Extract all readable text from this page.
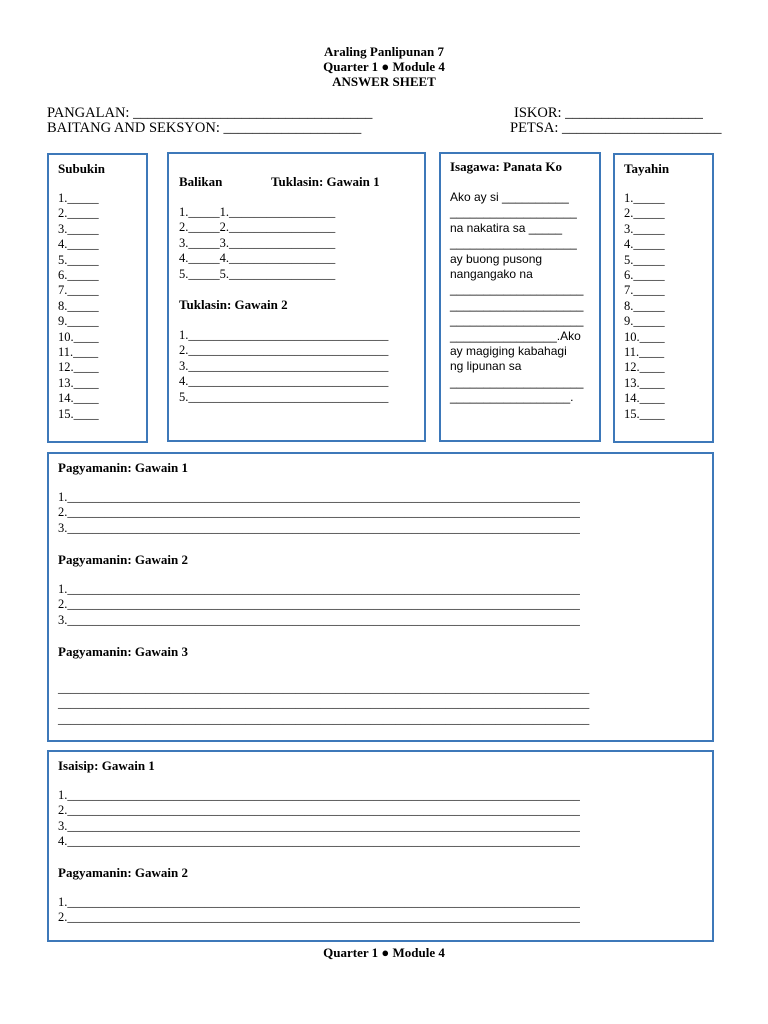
Araling Panlipunan 7
Quarter 1 ● Module 4
ANSWER SHEET
PANGALAN: _________________________________
BAITANG AND SEKSYON: ___________________
ISKOR: ___________________
PETSA: ______________________
Subukin
1._____
2._____
3._____
4._____
5._____
6._____
7._____
8._____
9._____
10.____
11.____
12.____
13.____
14.____
15.____
Balikan	Tuklasin: Gawain 1
1._____1._________________
2._____2._________________
3._____3._________________
4._____4._________________
5._____5._________________
Tuklasin: Gawain 2
1.________________________________
2.________________________________
3.________________________________
4.________________________________
5.________________________________
Isagawa: Panata Ko
Ako ay si __________
___________________
na nakatira sa _____
___________________
ay buong pusong
nangangako na
____________________
____________________
____________________
________________.Ako
ay magiging kabahagi
ng lipunan sa
____________________
__________________.
Tayahin
1._____
2._____
3._____
4._____
5._____
6._____
7._____
8._____
9._____
10.____
11.____
12.____
13.____
14.____
15.____
Pagyamanin: Gawain 1
1.__________________________________________________________________________________
2.__________________________________________________________________________________
3.__________________________________________________________________________________
Pagyamanin: Gawain 2
1.__________________________________________________________________________________
2.__________________________________________________________________________________
3.__________________________________________________________________________________
Pagyamanin: Gawain 3
_____________________________________________________________________________________
_____________________________________________________________________________________
_____________________________________________________________________________________
Isaisip: Gawain 1
1.__________________________________________________________________________________
2.__________________________________________________________________________________
3.__________________________________________________________________________________
4.__________________________________________________________________________________
Pagyamanin: Gawain 2
1.__________________________________________________________________________________
2.__________________________________________________________________________________
Quarter 1 ● Module 4
